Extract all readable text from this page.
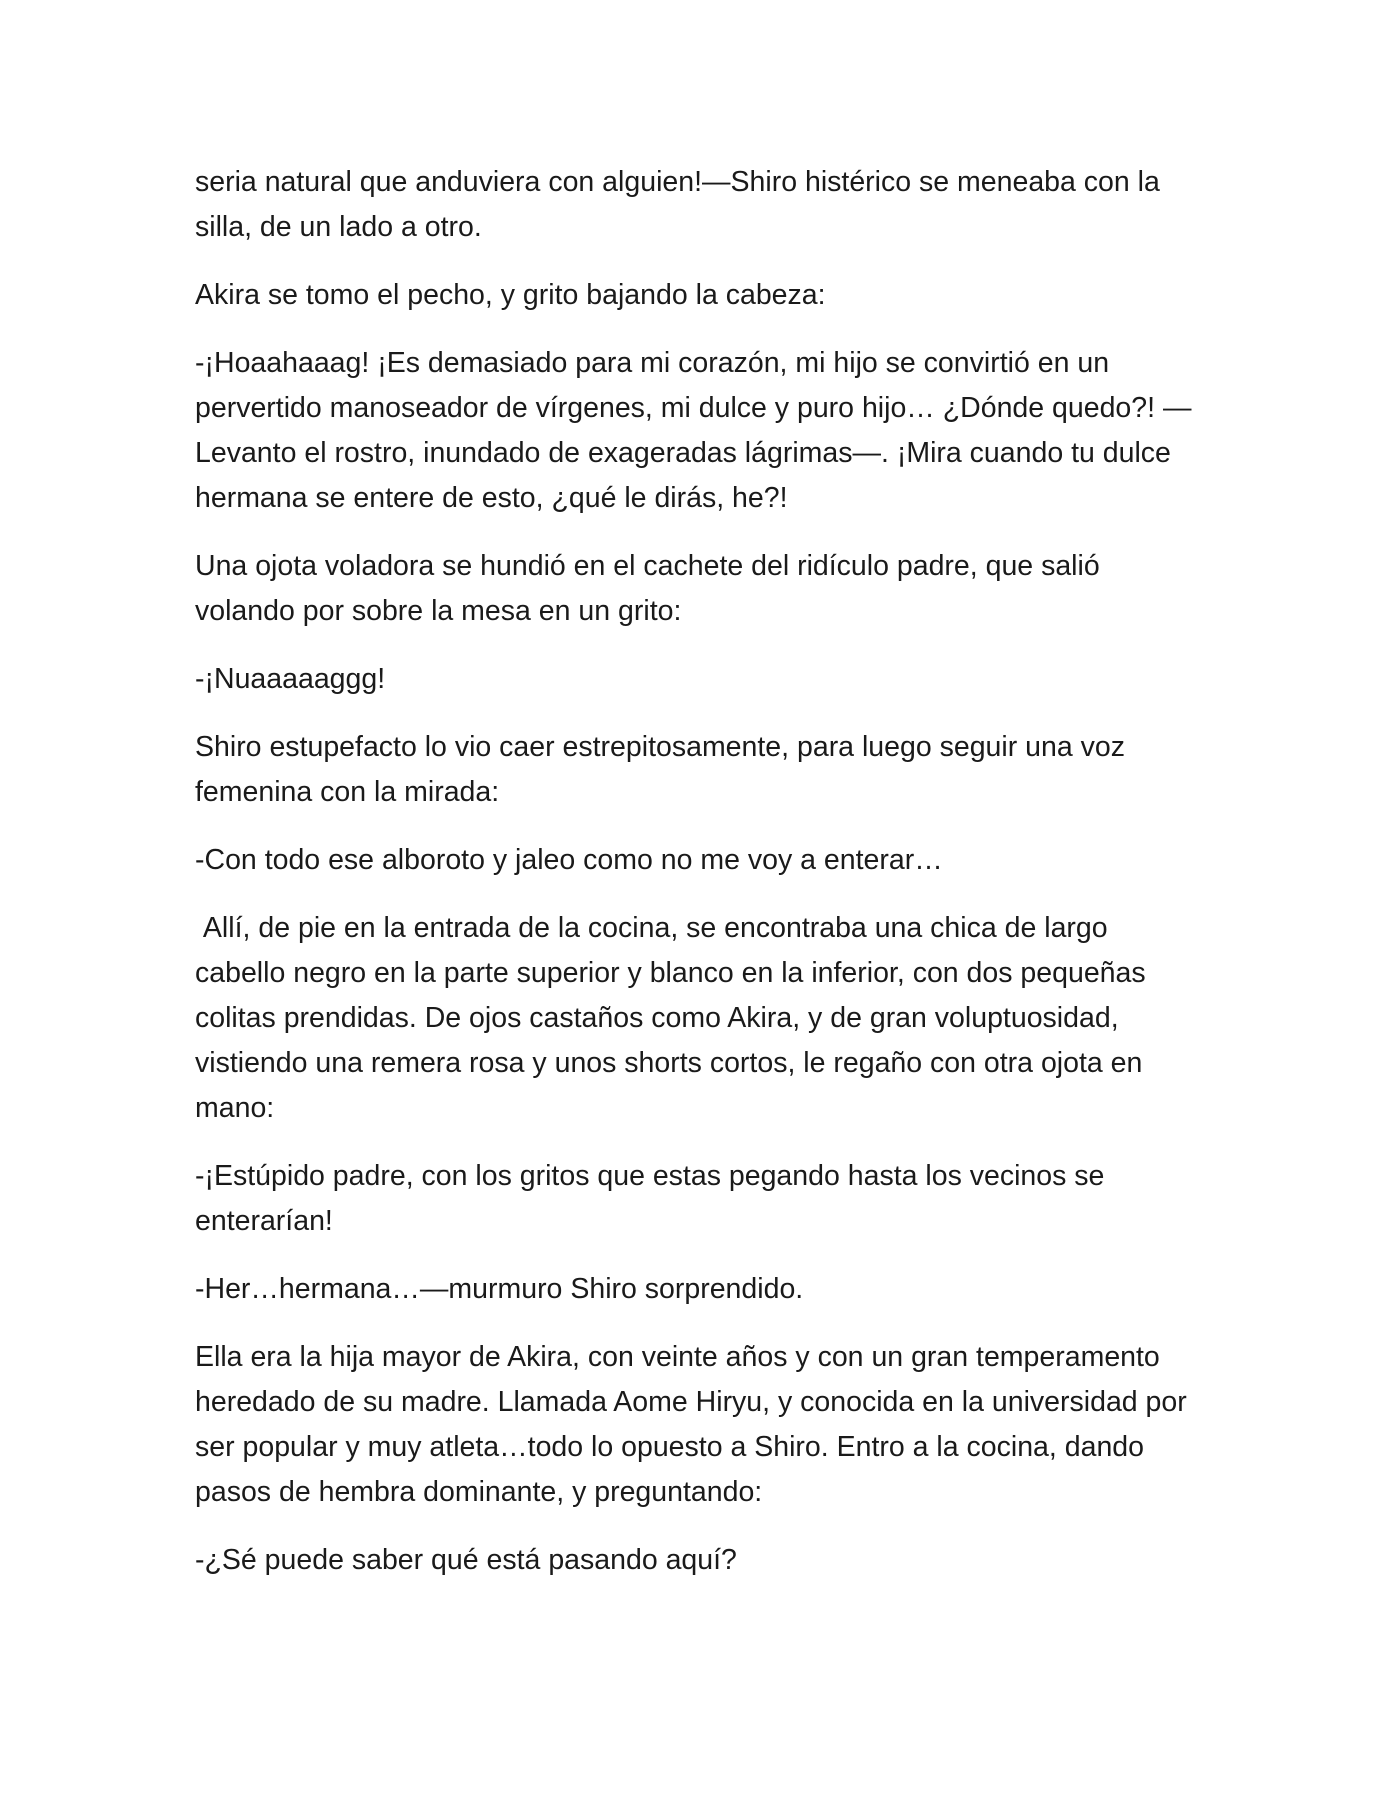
seria natural que anduviera con alguien!—Shiro histérico se meneaba con la silla, de un lado a otro.

Akira se tomo el pecho, y grito bajando la cabeza:

-¡Hoaahaaag! ¡Es demasiado para mi corazón, mi hijo se convirtió en un pervertido manoseador de vírgenes, mi dulce y puro hijo… ¿Dónde quedo?! —Levanto el rostro, inundado de exageradas lágrimas—. ¡Mira cuando tu dulce hermana se entere de esto, ¿qué le dirás, he?!

Una ojota voladora se hundió en el cachete del ridículo padre, que salió volando por sobre la mesa en un grito:

-¡Nuaaaaaggg!

Shiro estupefacto lo vio caer estrepitosamente, para luego seguir una voz femenina con la mirada:

-Con todo ese alboroto y jaleo como no me voy a enterar…

Allí, de pie en la entrada de la cocina, se encontraba una chica de largo cabello negro en la parte superior y blanco en la inferior, con dos pequeñas colitas prendidas. De ojos castaños como Akira, y de gran voluptuosidad, vistiendo una remera rosa y unos shorts cortos, le regaño con otra ojota en mano:

-¡Estúpido padre, con los gritos que estas pegando hasta los vecinos se enterarían!

-Her…hermana…—murmuro Shiro sorprendido.

Ella era la hija mayor de Akira, con veinte años y con un gran temperamento heredado de su madre. Llamada Aome Hiryu, y conocida en la universidad por ser popular y muy atleta…todo lo opuesto a Shiro. Entro a la cocina, dando pasos de hembra dominante, y preguntando:

-¿Sé puede saber qué está pasando aquí?
